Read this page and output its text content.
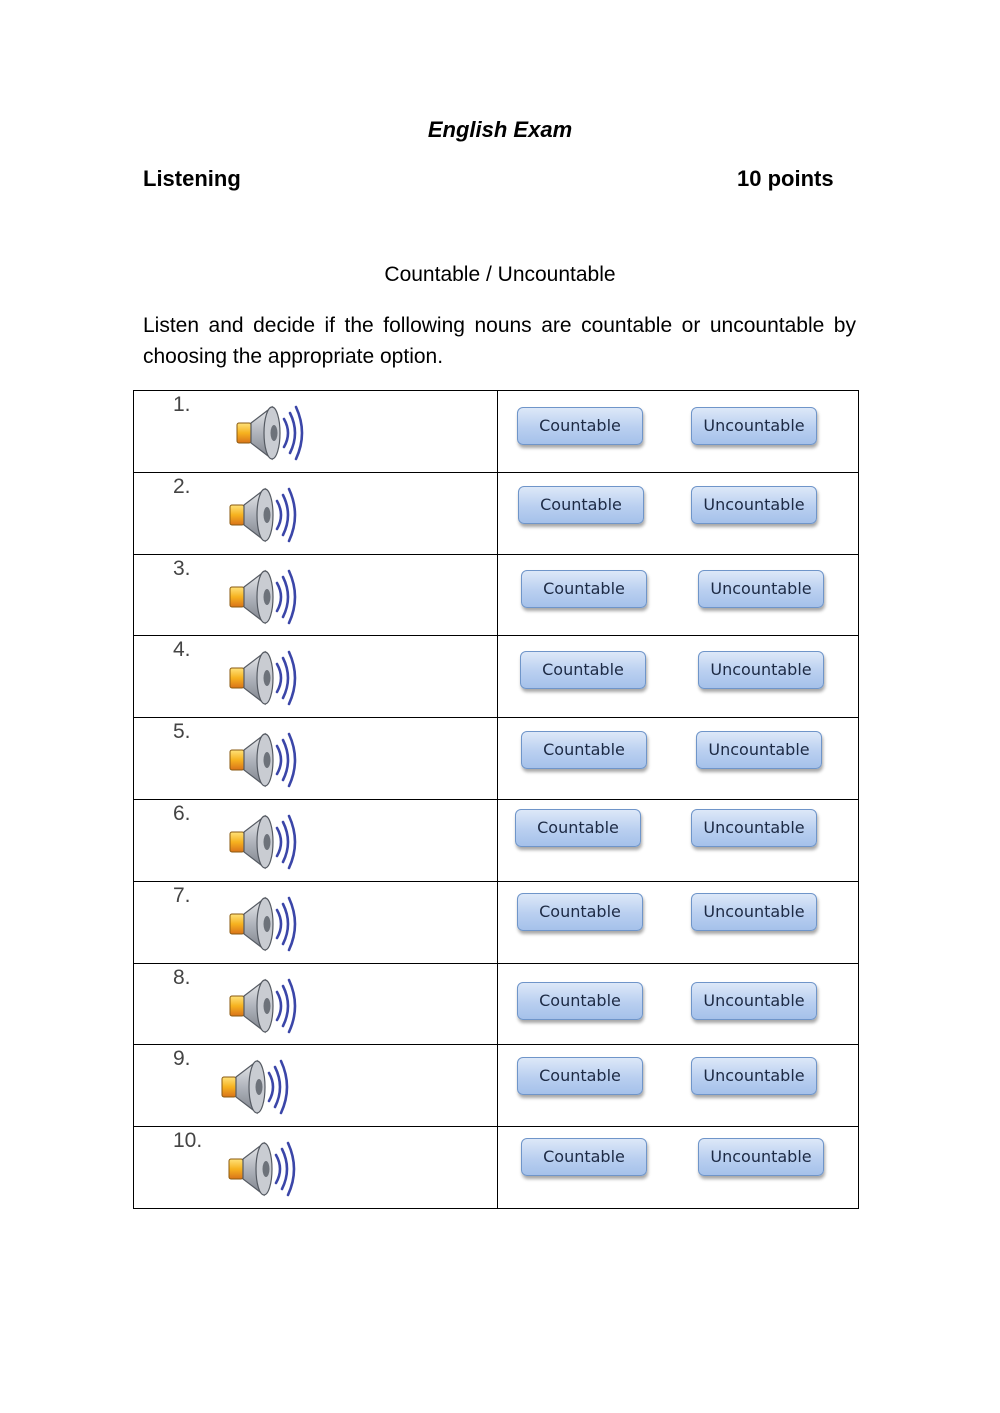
English Exam
Listening	10 points
Countable / Uncountable
Listen and decide if the following nouns are countable or uncountable by choosing the appropriate option.
1.
Countable	Uncountable
2.
Countable	Uncountable
3.
Countable	Uncountable
4.
Countable	Uncountable
5.
Countable	Uncountable
6.
Countable	Uncountable
7.
Countable	Uncountable
8.
Countable	Uncountable
9.
Countable	Uncountable
10.
Countable	Uncountable
